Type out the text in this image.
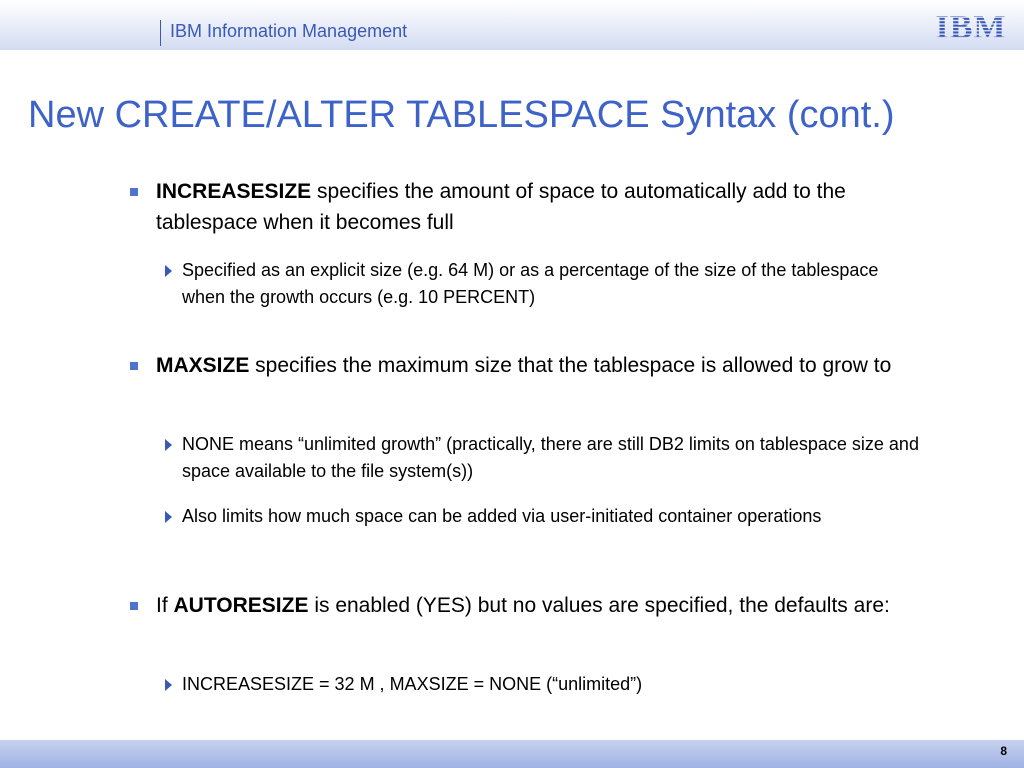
IBM Information Management	IBM
New CREATE/ALTER TABLESPACE Syntax (cont.)
INCREASESIZE specifies the amount of space to automatically add to the tablespace when it becomes full
Specified as an explicit size (e.g. 64 M) or as a percentage of the size of the tablespace when the growth occurs (e.g. 10 PERCENT)
MAXSIZE specifies the maximum size that the tablespace is allowed to grow to
NONE means “unlimited growth” (practically, there are still DB2 limits on tablespace size and space available to the file system(s))
Also limits how much space can be added via user-initiated container operations
If AUTORESIZE is enabled (YES) but no values are specified, the defaults are:
INCREASESIZE = 32 M , MAXSIZE = NONE (“unlimited”)
8
